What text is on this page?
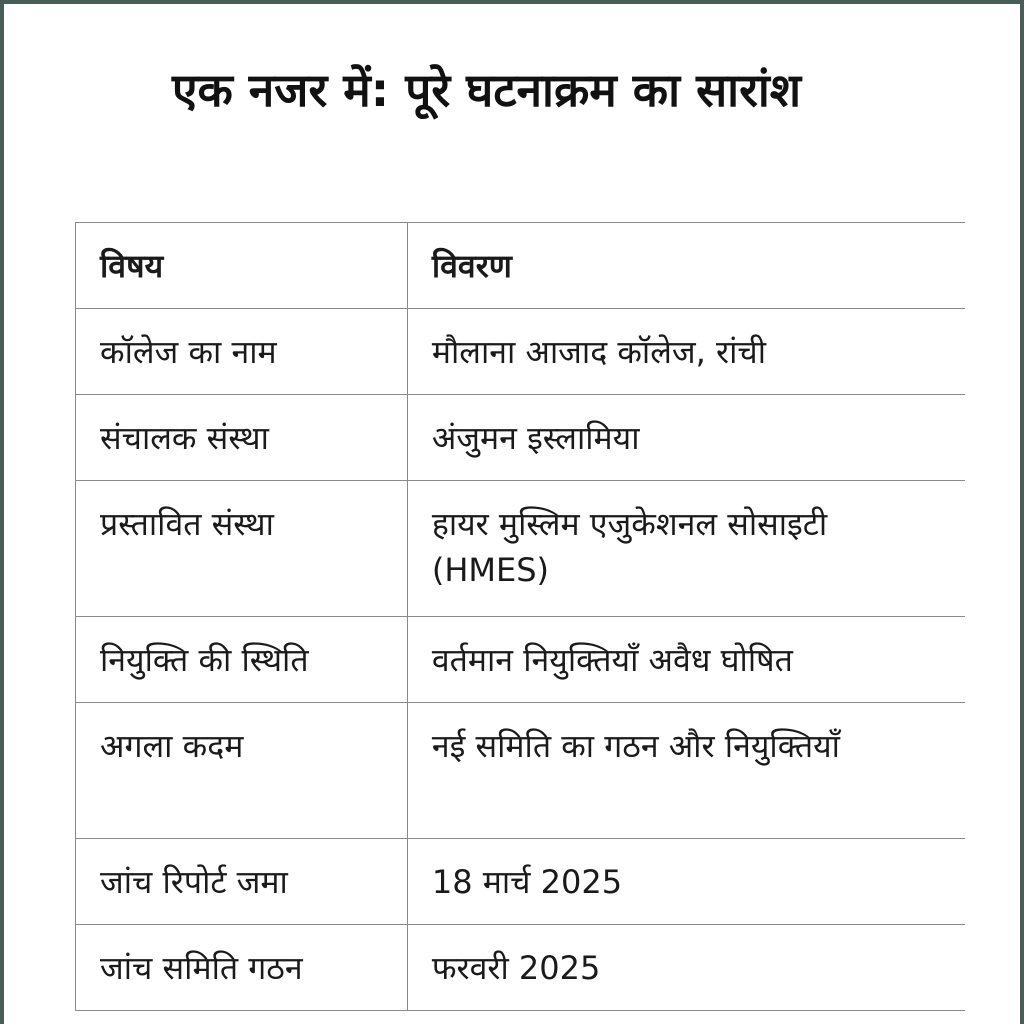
एक नजर में: पूरे घटनाक्रम का सारांश
विषय	विवरण
कॉलेज का नाम	मौलाना आजाद कॉलेज, रांची
संचालक संस्था	अंजुमन इस्लामिया
प्रस्तावित संस्था	हायर मुस्लिम एजुकेशनल सोसाइटी (HMES)
नियुक्ति की स्थिति	वर्तमान नियुक्तियाँ अवैध घोषित
अगला कदम	नई समिति का गठन और नियुक्तियाँ
जांच रिपोर्ट जमा	18 मार्च 2025
जांच समिति गठन	फरवरी 2025
